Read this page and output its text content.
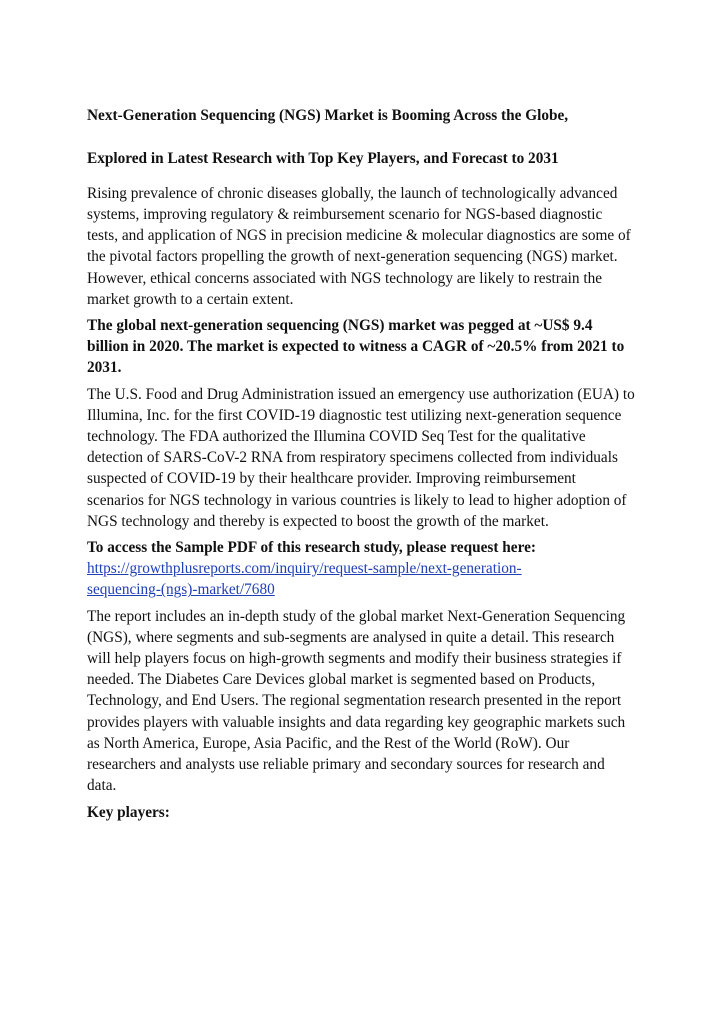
Next-Generation Sequencing (NGS) Market is Booming Across the Globe,

Explored in Latest Research with Top Key Players, and Forecast to 2031

Rising prevalence of chronic diseases globally, the launch of technologically advanced systems, improving regulatory & reimbursement scenario for NGS-based diagnostic tests, and application of NGS in precision medicine & molecular diagnostics are some of the pivotal factors propelling the growth of next-generation sequencing (NGS) market. However, ethical concerns associated with NGS technology are likely to restrain the market growth to a certain extent.

The global next-generation sequencing (NGS) market was pegged at ~US$ 9.4 billion in 2020. The market is expected to witness a CAGR of ~20.5% from 2021 to 2031.

The U.S. Food and Drug Administration issued an emergency use authorization (EUA) to Illumina, Inc. for the first COVID-19 diagnostic test utilizing next-generation sequence technology. The FDA authorized the Illumina COVID Seq Test for the qualitative detection of SARS-CoV-2 RNA from respiratory specimens collected from individuals suspected of COVID-19 by their healthcare provider. Improving reimbursement scenarios for NGS technology in various countries is likely to lead to higher adoption of NGS technology and thereby is expected to boost the growth of the market.

To access the Sample PDF of this research study, please request here:
https://growthplusreports.com/inquiry/request-sample/next-generation-
sequencing-(ngs)-market/7680

The report includes an in-depth study of the global market Next-Generation Sequencing (NGS), where segments and sub-segments are analysed in quite a detail. This research will help players focus on high-growth segments and modify their business strategies if needed. The Diabetes Care Devices global market is segmented based on Products, Technology, and End Users. The regional segmentation research presented in the report provides players with valuable insights and data regarding key geographic markets such as North America, Europe, Asia Pacific, and the Rest of the World (RoW). Our researchers and analysts use reliable primary and secondary sources for research and data.

Key players:
